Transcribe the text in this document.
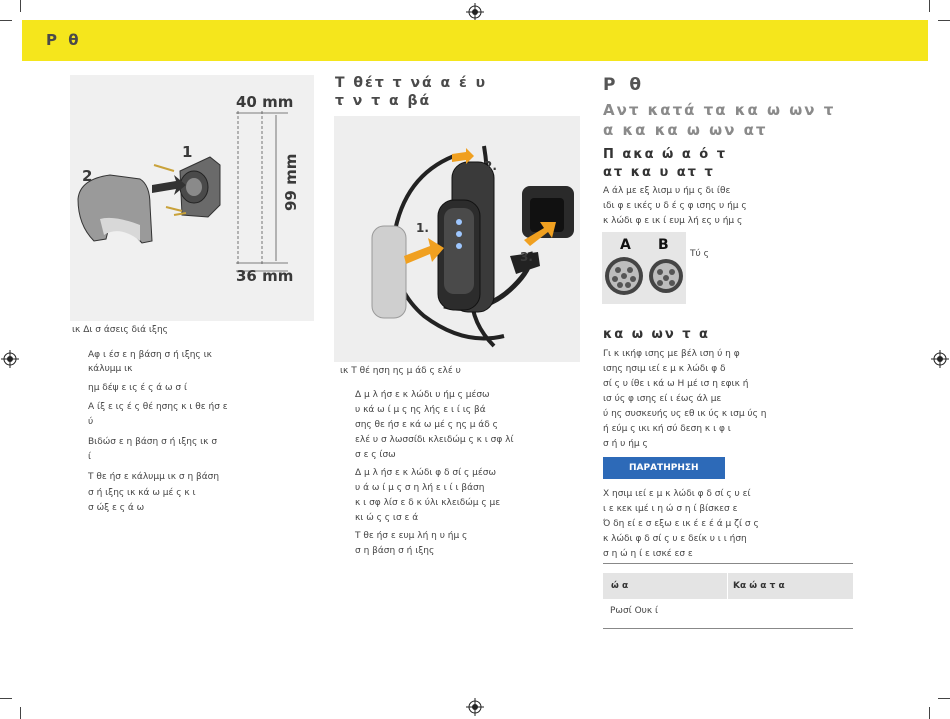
Ρ θ
1
2
40 mm
99 mm
36 mm
ικ Δι σ άσεις διά ιξης
Αφ ι έσ ε η βάση σ ή ιξης ικ
κάλυμμ ικ
ημ δέψ ε ις έ ς ά ω σ ί
Α ίξ ε ις έ ς θέ ησης κ ι θε ήσ ε
ύ
Βιδώσ ε η βάση σ ή ιξης ικ σ
ί
Τ θε ήσ ε κάλυμμ ικ σ η βάση
σ ή ιξης ικ κά ω μέ ς κ ι
σ ώξ ε ς ά ω
Τ θέτ τ νά α έ υ
τ ν τ α βά
1.
2.
3.
ικ Τ θέ ηση ης μ άδ ς ελέ υ
Δ μ λ ήσ ε κ λώδι υ ήμ ς μέσω
υ κά ω ί μ ς ης λής ε ι ί ις βά
σης θε ήσ ε κά ω μέ ς ης μ άδ ς
ελέ υ σ λωσσίδι κλειδώμ ς κ ι σφ λί
σ ε ς ίσω
Δ μ λ ήσ ε κ λώδι φ δ σί ς μέσω
υ ά ω ί μ ς σ η λή ε ι ί ι βάση
κ ι σφ λίσ ε δ κ ύλι κλειδώμ ς με
κι ώ ς ς ισ ε ά
Τ θε ήσ ε ευμ λή η υ ήμ ς
σ η βάση σ ή ιξης
Ρ θ
Αντ κατά τα κα ω ων τ
α κα κα ω ων ατ
Π ακα ώ α ό τ
ατ κα υ ατ τ
Α άλ με εξ λισμ υ ήμ ς δι ίθε
ιδι φ ε ικές υ δ έ ς φ ισης υ ήμ ς
κ λώδι φ ε ικ ί ευμ λή ες υ ήμ ς
A B
Τύ ς
κα ω ων τ α
Γι κ ικήφ ισης με βέλ ιση ύ η φ
ισης ησιμ ιεί ε μ κ λώδι φ δ
σί ς υ ίθε ι κά ω Η μέ ισ η εφικ ή
ισ ύς φ ισης εί ι έως άλ με
ύ ης συσκευής υς εθ ικ ύς κ ισμ ύς η
ή εύμ ς ικι κή σύ δεση κ ι φ ι
σ ή υ ήμ ς
ΠΑΡΑΤΗΡΗΣΗ
Χ ησιμ ιεί ε μ κ λώδι φ δ σί ς υ εί
ι ε κεκ ιμέ ι η ώ σ η ί βίσκεσ ε
Ό δη εί ε σ εξω ε ικ έ ε έ ά μ ζί σ ς
κ λώδι φ δ σί ς υ ε δείκ υ ι ι ήση
σ η ώ η ί ε ισκέ εσ ε
ώ α	Κα ώ α τ α
Ρωσί Ουκ ί
